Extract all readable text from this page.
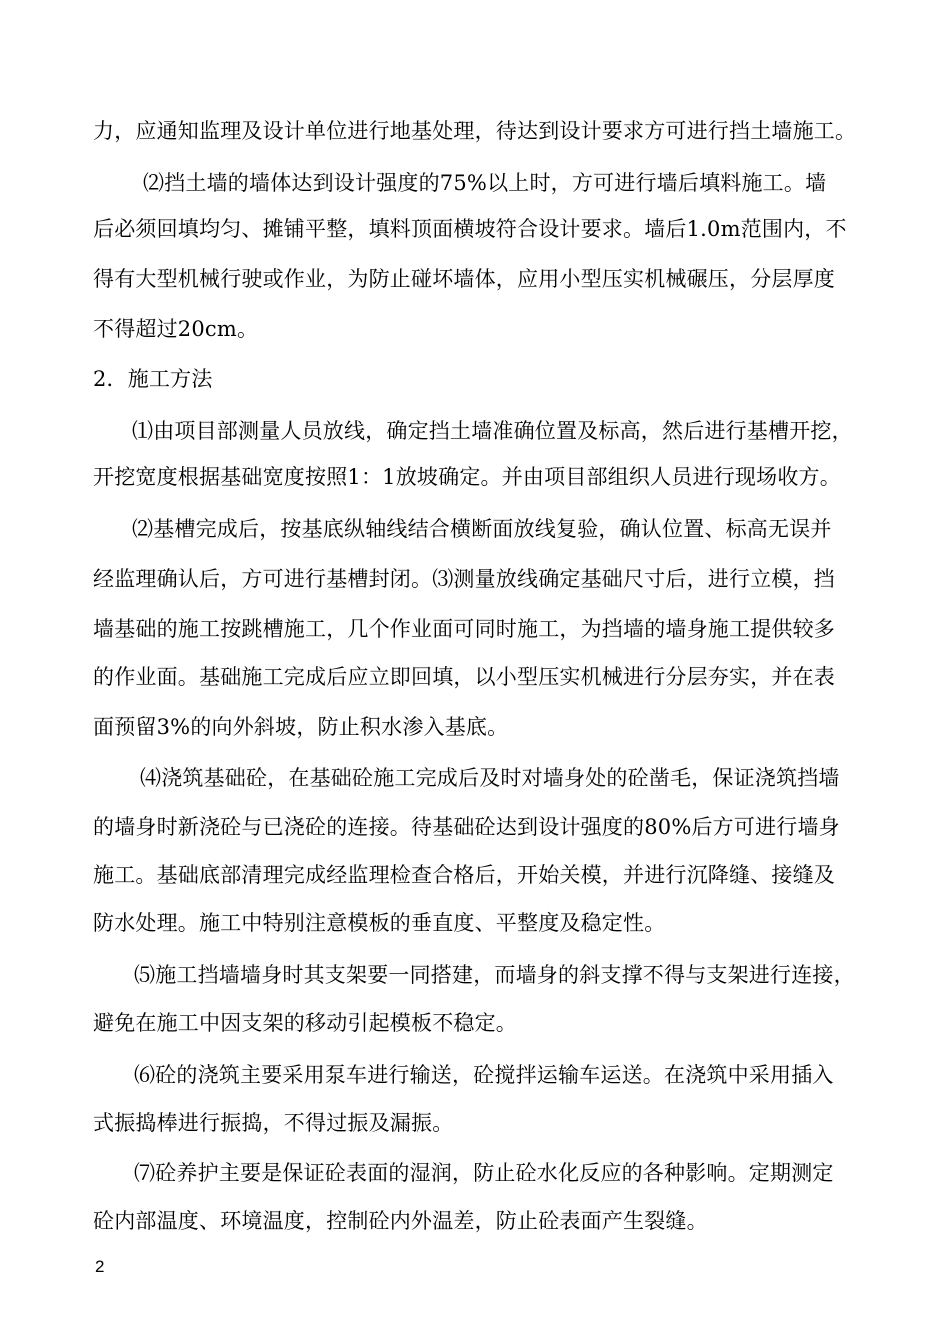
力，应通知监理及设计单位进行地基处理，待达到设计要求方可进行挡土墙施工。
⑵挡土墙的墙体达到设计强度的75%以上时，方可进行墙后填料施工。墙
后必须回填均匀、摊铺平整，填料顶面横坡符合设计要求。墙后1.0m范围内，不
得有大型机械行驶或作业，为防止碰坏墙体，应用小型压实机械碾压，分层厚度
不得超过20cm。
2．施工方法
⑴由项目部测量人员放线，确定挡土墙准确位置及标高，然后进行基槽开挖，
开挖宽度根据基础宽度按照1：1放坡确定。并由项目部组织人员进行现场收方。
⑵基槽完成后，按基底纵轴线结合横断面放线复验，确认位置、标高无误并
经监理确认后，方可进行基槽封闭。⑶测量放线确定基础尺寸后，进行立模，挡
墙基础的施工按跳槽施工，几个作业面可同时施工，为挡墙的墙身施工提供较多
的作业面。基础施工完成后应立即回填，以小型压实机械进行分层夯实，并在表
面预留3%的向外斜坡，防止积水渗入基底。
⑷浇筑基础砼，在基础砼施工完成后及时对墙身处的砼凿毛，保证浇筑挡墙
的墙身时新浇砼与已浇砼的连接。待基础砼达到设计强度的80%后方可进行墙身
施工。基础底部清理完成经监理检查合格后，开始关模，并进行沉降缝、接缝及
防水处理。施工中特别注意模板的垂直度、平整度及稳定性。
⑸施工挡墙墙身时其支架要一同搭建，而墙身的斜支撑不得与支架进行连接，
避免在施工中因支架的移动引起模板不稳定。
⑹砼的浇筑主要采用泵车进行输送，砼搅拌运输车运送。在浇筑中采用插入
式振捣棒进行振捣，不得过振及漏振。
⑺砼养护主要是保证砼表面的湿润，防止砼水化反应的各种影响。定期测定
砼内部温度、环境温度，控制砼内外温差，防止砼表面产生裂缝。
2
